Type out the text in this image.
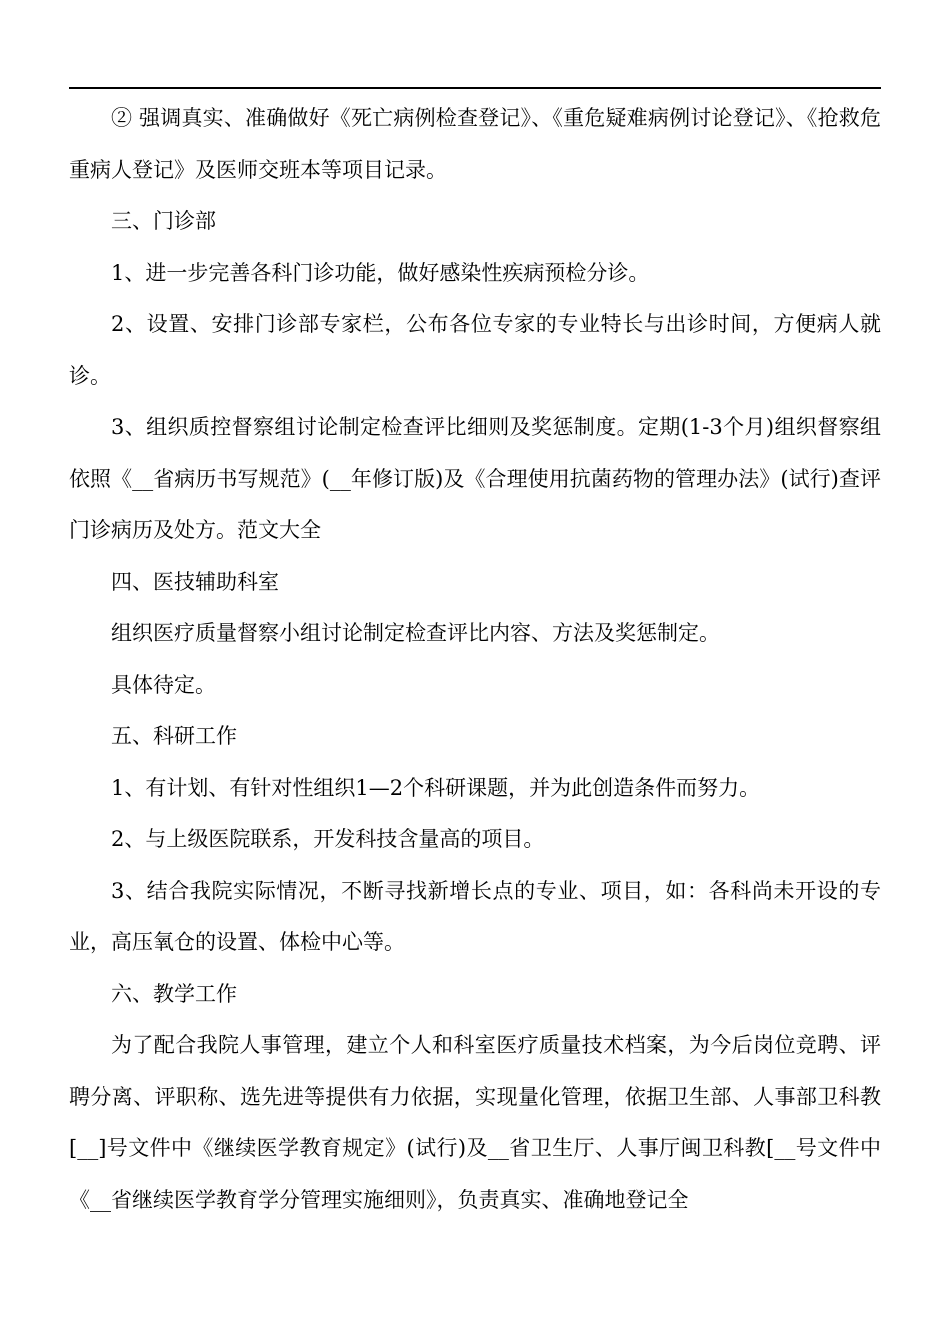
② 强调真实、准确做好《死亡病例检查登记》、《重危疑难病例讨论登记》、《抢救危重病人登记》及医师交班本等项目记录。

三、门诊部

1、进一步完善各科门诊功能，做好感染性疾病预检分诊。

2、设置、安排门诊部专家栏，公布各位专家的专业特长与出诊时间，方便病人就诊。

3、组织质控督察组讨论制定检查评比细则及奖惩制度。定期(1-3个月)组织督察组依照《__省病历书写规范》(__年修订版)及《合理使用抗菌药物的管理办法》(试行)查评门诊病历及处方。范文大全

四、医技辅助科室

组织医疗质量督察小组讨论制定检查评比内容、方法及奖惩制定。

具体待定。

五、科研工作

1、有计划、有针对性组织1—2个科研课题，并为此创造条件而努力。

2、与上级医院联系，开发科技含量高的项目。

3、结合我院实际情况，不断寻找新增长点的专业、项目，如：各科尚未开设的专业，高压氧仓的设置、体检中心等。

六、教学工作

为了配合我院人事管理，建立个人和科室医疗质量技术档案，为今后岗位竞聘、评聘分离、评职称、选先进等提供有力依据，实现量化管理，依据卫生部、人事部卫科教[__]号文件中《继续医学教育规定》(试行)及__省卫生厅、人事厅闽卫科教[__号文件中《__省继续医学教育学分管理实施细则》，负责真实、准确地登记全
